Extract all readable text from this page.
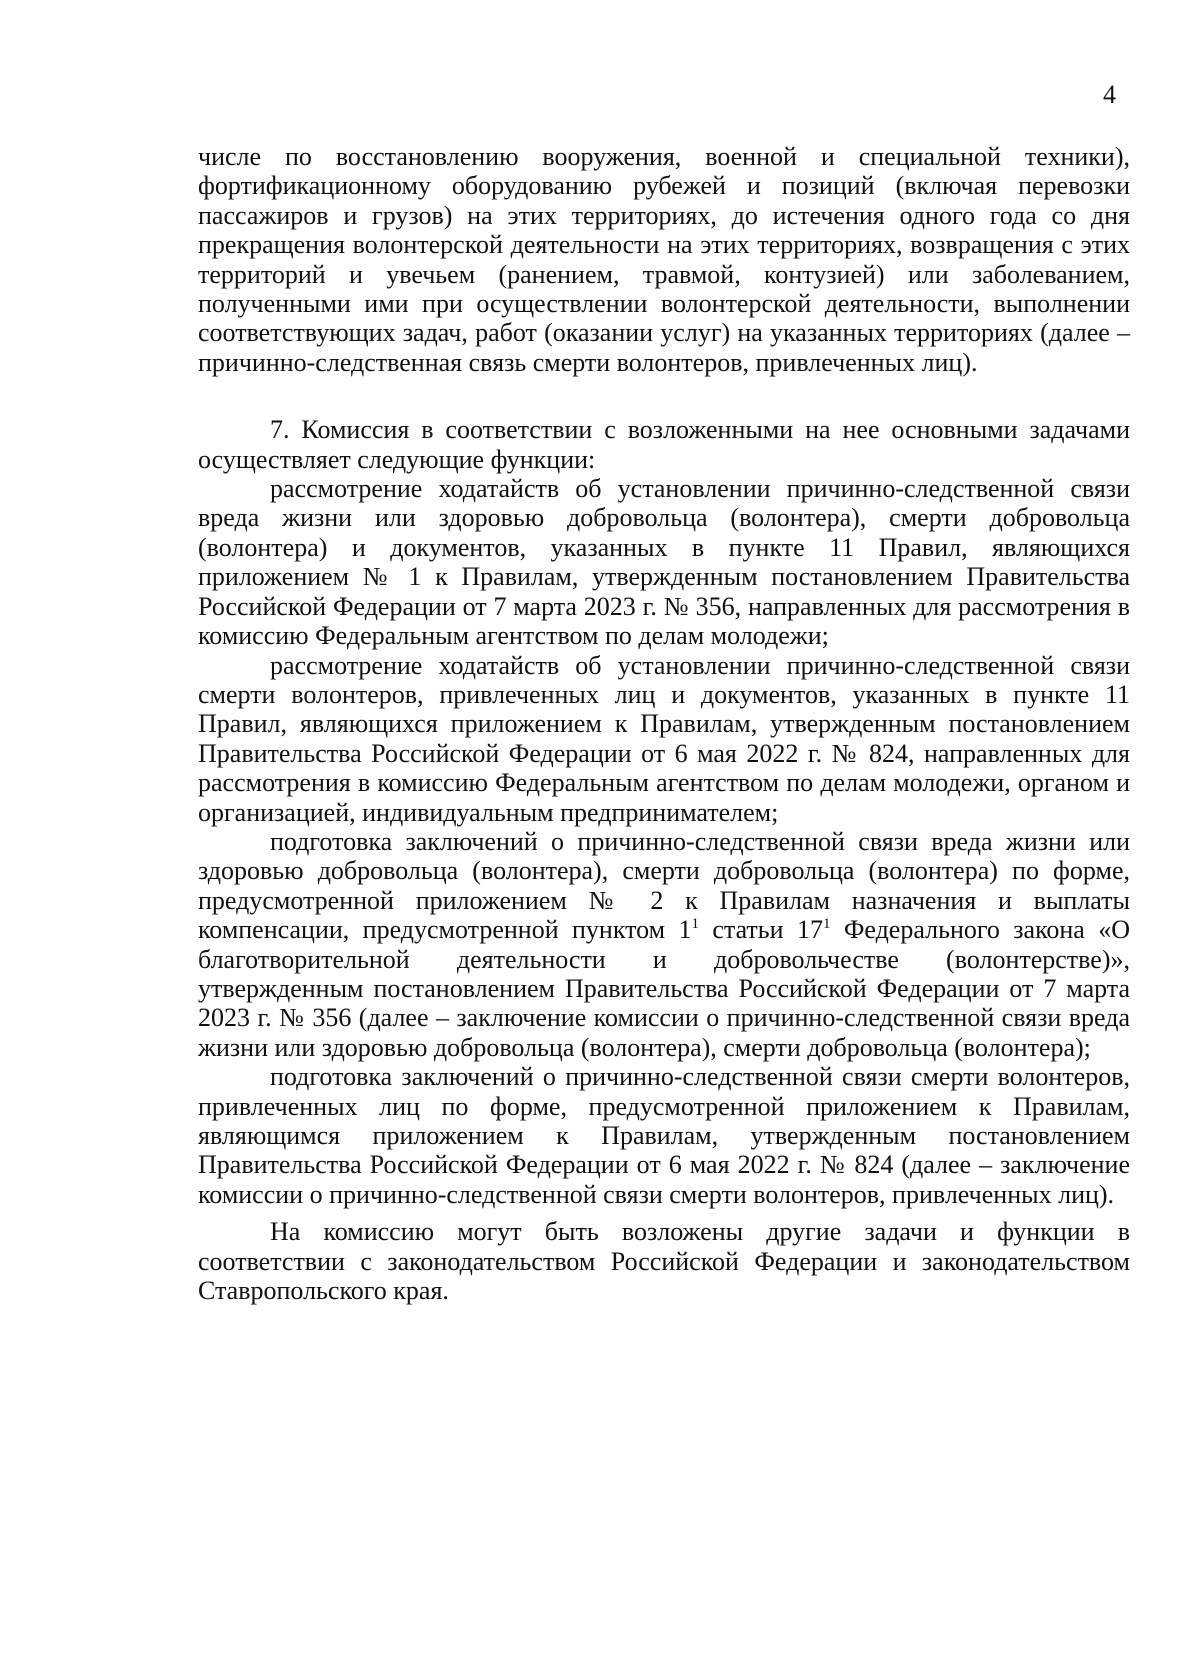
4

числе по восстановлению вооружения, военной и специальной техники), фортификационному оборудованию рубежей и позиций (включая перевозки пассажиров и грузов) на этих территориях, до истечения одного года со дня прекращения волонтерской деятельности на этих территориях, возвращения с этих территорий и увечьем (ранением, травмой, контузией) или заболеванием, полученными ими при осуществлении волонтерской деятельности, выполнении соответствующих задач, работ (оказании услуг) на указанных территориях (далее – причинно-следственная связь смерти волонтеров, привлеченных лиц).

7. Комиссия в соответствии с возложенными на нее основными задачами осуществляет следующие функции:

рассмотрение ходатайств об установлении причинно-следственной связи вреда жизни или здоровью добровольца (волонтера), смерти добровольца (волонтера) и документов, указанных в пункте 11 Правил, являющихся приложением № 1 к Правилам, утвержденным постановлением Правительства Российской Федерации от 7 марта 2023 г. № 356, направленных для рассмотрения в комиссию Федеральным агентством по делам молодежи;

рассмотрение ходатайств об установлении причинно-следственной связи смерти волонтеров, привлеченных лиц и документов, указанных в пункте 11 Правил, являющихся приложением к Правилам, утвержденным постановлением Правительства Российской Федерации от 6 мая 2022 г. № 824, направленных для рассмотрения в комиссию Федеральным агентством по делам молодежи, органом и организацией, индивидуальным предпринимателем;

подготовка заключений о причинно-следственной связи вреда жизни или здоровью добровольца (волонтера), смерти добровольца (волонтера) по форме, предусмотренной приложением № 2 к Правилам назначения и выплаты компенсации, предусмотренной пунктом $1^1$ статьи $17^1$ Федерального закона «О благотворительной деятельности и добровольчестве (волонтерстве)», утвержденным постановлением Правительства Российской Федерации от 7 марта 2023 г. № 356 (далее – заключение комиссии о причинно-следственной связи вреда жизни или здоровью добровольца (волонтера), смерти добровольца (волонтера);

подготовка заключений о причинно-следственной связи смерти волонтеров, привлеченных лиц по форме, предусмотренной приложением к Правилам, являющимся приложением к Правилам, утвержденным постановлением Правительства Российской Федерации от 6 мая 2022 г. № 824 (далее – заключение комиссии о причинно-следственной связи смерти волонтеров, привлеченных лиц).

На комиссию могут быть возложены другие задачи и функции в соответствии с законодательством Российской Федерации и законодательством Ставропольского края.
